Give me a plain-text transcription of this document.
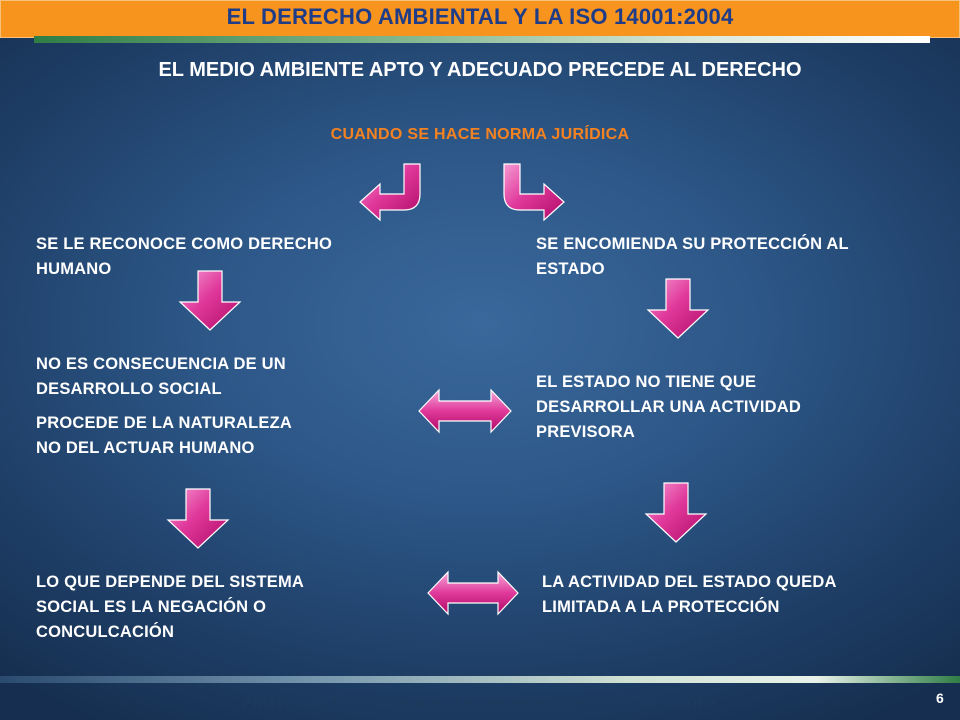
EL DERECHO AMBIENTAL Y LA ISO 14001:2004
EL MEDIO AMBIENTE APTO Y ADECUADO PRECEDE AL DERECHO
CUANDO SE HACE NORMA JURÍDICA
SE LE RECONOCE COMO DERECHO
HUMANO
NO ES CONSECUENCIA DE UN
DESARROLLO SOCIAL
PROCEDE DE LA NATURALEZA
NO DEL ACTUAR HUMANO
LO QUE DEPENDE DEL SISTEMA
SOCIAL ES LA NEGACIÓN O
CONCULCACIÓN
SE ENCOMIENDA SU PROTECCIÓN AL
ESTADO
EL ESTADO NO TIENE QUE
DESARROLLAR UNA ACTIVIDAD
PREVISORA
LA ACTIVIDAD DEL ESTADO QUEDA
LIMITADA A LA PROTECCIÓN
PROTEGER LA NATURALEZA ES RESPONSABILIDAD DE TODOS	6
